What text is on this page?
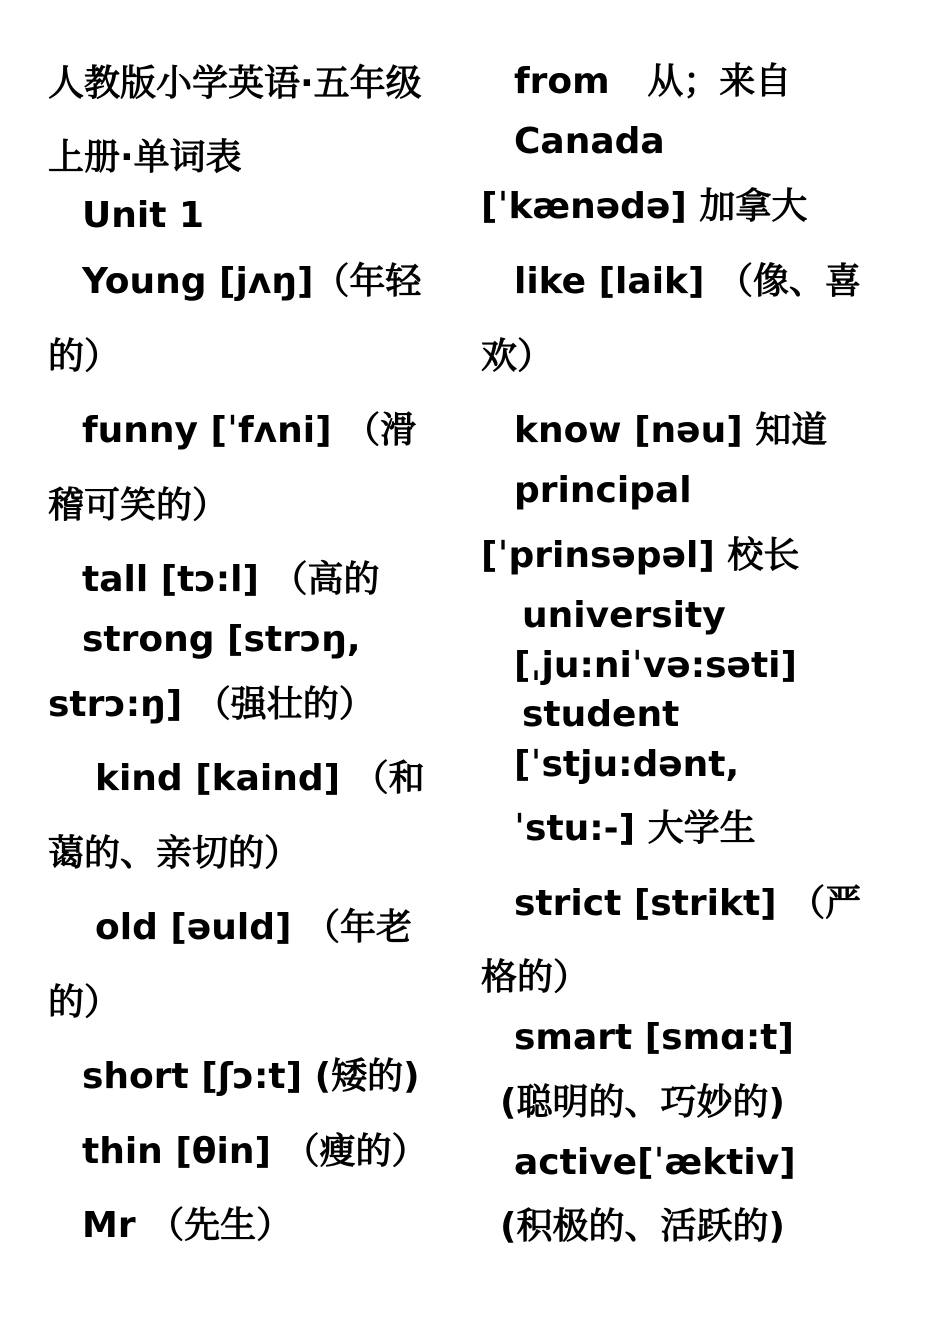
人教版小学英语·五年级
上册·单词表
Unit 1
Young [jʌŋ]（年轻
的）
funny [ˈfʌni] （滑
稽可笑的）
tall [tɔ:l] （高的
strong [strɔŋ,
strɔ:ŋ] （强壮的）
kind [kaind] （和
蔼的、亲切的）
old [əuld] （年老
的）
short [ʃɔ:t] (矮的)
thin [θin] （瘦的）
Mr （先生）
from   从；来自
Canada
[ˈkænədə] 加拿大
like [laik] （像、喜
欢）
know [nəu] 知道
principal
[ˈprinsəpəl] 校长
university
[ˌju:niˈvə:səti]
student
[ˈstju:dənt,
ˈstu:-] 大学生
strict [strikt] （严
格的）
smart [smɑ:t]
(聪明的、巧妙的)
active[ˈæktiv]
(积极的、活跃的)
